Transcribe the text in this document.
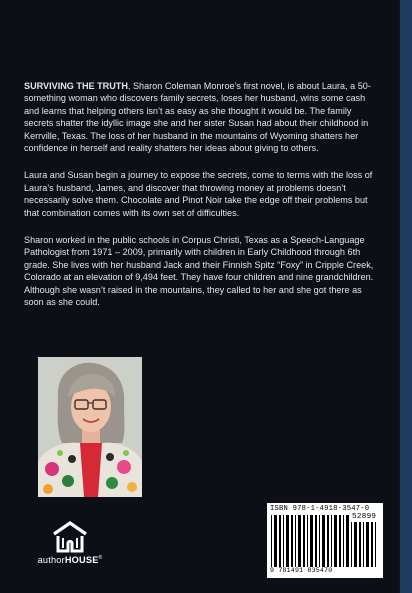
SURVIVING THE TRUTH, Sharon Coleman Monroe’s first novel, is about Laura, a 50-something woman who discovers family secrets, loses her husband, wins some cash and learns that helping others isn’t as easy as she thought it would be. The family secrets shatter the idyllic image she and her sister Susan had about their childhood in Kerrville, Texas. The loss of her husband in the mountains of Wyoming shatters her confidence in herself and reality shatters her ideas about giving to others.

Laura and Susan begin a journey to expose the secrets, come to terms with the loss of Laura’s husband, James, and discover that throwing money at problems doesn’t necessarily solve them. Chocolate and Pinot Noir take the edge off their problems but that combination comes with its own set of difficulties.

Sharon worked in the public schools in Corpus Christi, Texas as a Speech-Language Pathologist from 1971 – 2009, primarily with children in Early Childhood through 6th grade. She lives with her husband Jack and their Finnish Spitz “Foxy” in Cripple Creek, Colorado at an elevation of 9,494 feet. They have four children and nine grandchildren. Although she wasn’t raised in the mountains, they called to her and she got there as soon as she could.

authorHOUSE®
ISBN 978-1-4918-3547-0
52899
9 781491 835470
